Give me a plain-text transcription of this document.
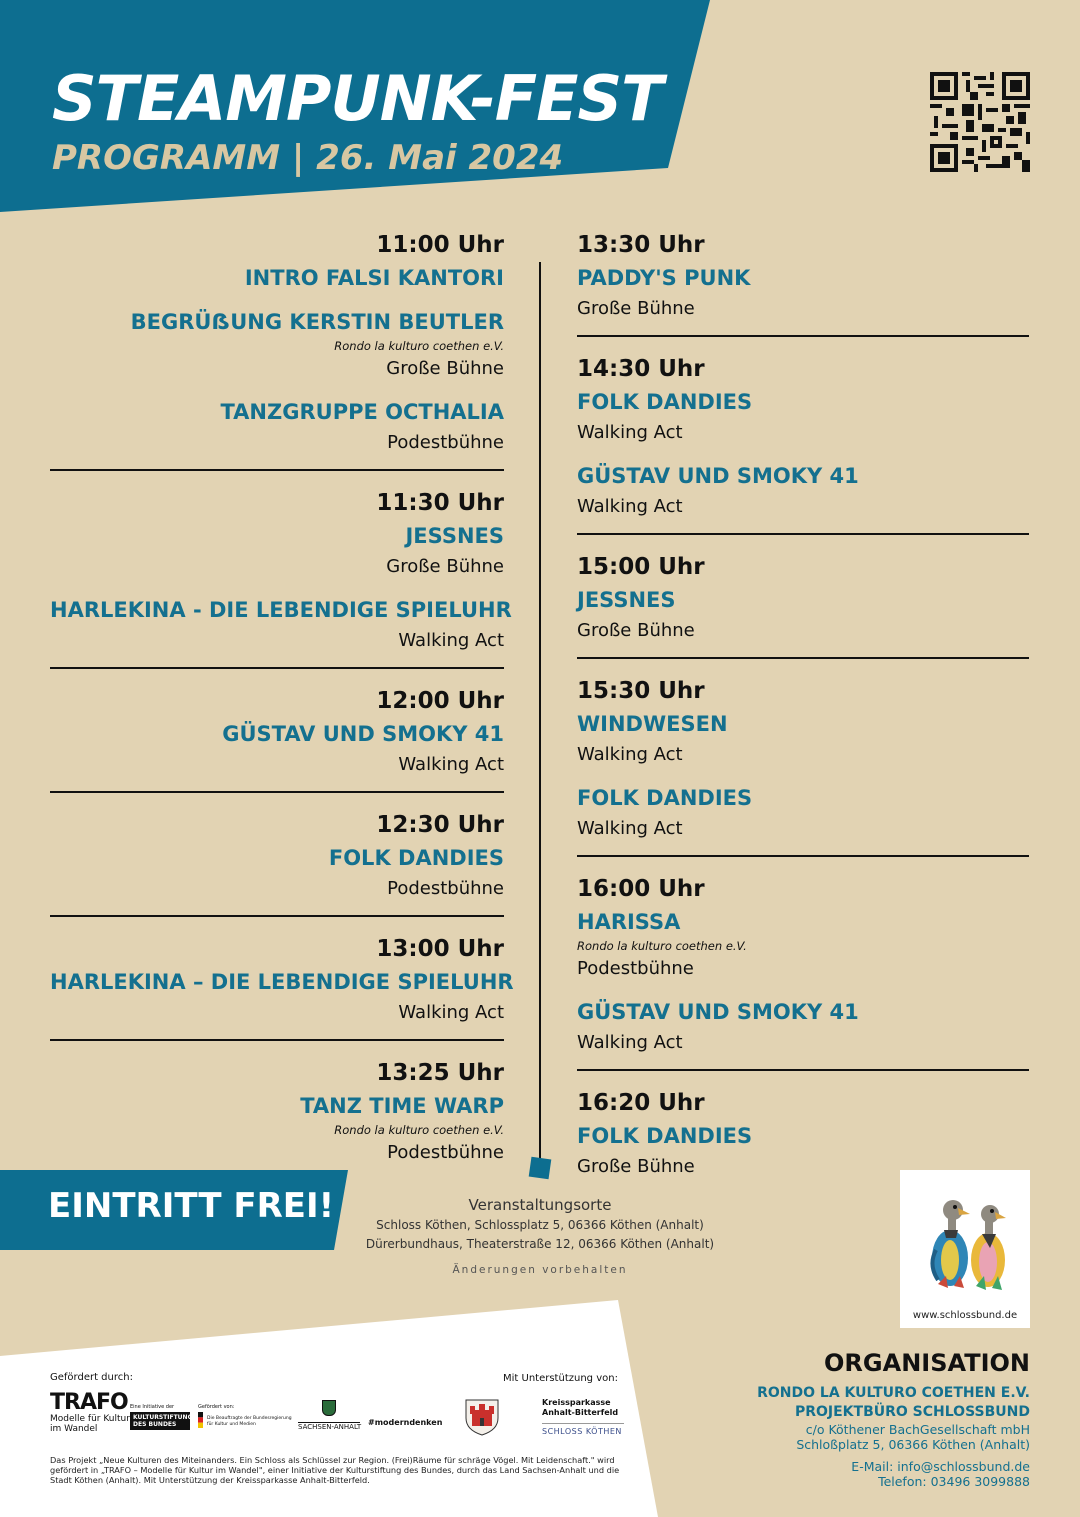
STEAMPUNK-FEST
PROGRAMM | 26. Mai 2024
11:00 Uhr
INTRO FALSI KANTORI
BEGRÜẞUNG KERSTIN BEUTLER
Rondo la kulturo coethen e.V.
Große Bühne
TANZGRUPPE OCTHALIA
Podestbühne
11:30 Uhr
JESSNES
Große Bühne
HARLEKINA - DIE LEBENDIGE SPIELUHR
Walking Act
12:00 Uhr
GÜSTAV UND SMOKY 41
Walking Act
12:30 Uhr
FOLK DANDIES
Podestbühne
13:00 Uhr
HARLEKINA – DIE LEBENDIGE SPIELUHR
Walking Act
13:25 Uhr
TANZ TIME WARP
Rondo la kulturo coethen e.V.
Podestbühne
13:30 Uhr
PADDY'S PUNK
Große Bühne
14:30 Uhr
FOLK DANDIES
Walking Act
GÜSTAV UND SMOKY 41
Walking Act
15:00 Uhr
JESSNES
Große Bühne
15:30 Uhr
WINDWESEN
Walking Act
FOLK DANDIES
Walking Act
16:00 Uhr
HARISSA
Rondo la kulturo coethen e.V.
Podestbühne
GÜSTAV UND SMOKY 41
Walking Act
16:20 Uhr
FOLK DANDIES
Große Bühne
EINTRITT FREI!	Veranstaltungsorte
Schloss Köthen, Schlossplatz 5, 06366 Köthen (Anhalt)
Dürerbundhaus, Theaterstraße 12, 06366 Köthen (Anhalt)
Änderungen vorbehalten
www.schlossbund.de
Gefördert durch:	Mit Unterstützung von:
TRAFO
Modelle für Kultur im Wandel
Eine Initiative der
KULTURSTIFTUNG DES BUNDES
Gefördert von:
Die Beauftragte der Bundesregierung für Kultur und Medien	SACHSEN-ANHALT #moderndenken
Kreissparkasse Anhalt-Bitterfeld
SCHLOSS KÖTHEN
Das Projekt „Neue Kulturen des Miteinanders. Ein Schloss als Schlüssel zur Region. (Frei)Räume für schräge Vögel. Mit Leidenschaft." wird gefördert in „TRAFO – Modelle für Kultur im Wandel", einer Initiative der Kulturstiftung des Bundes, durch das Land Sachsen-Anhalt und die Stadt Köthen (Anhalt). Mit Unterstützung der Kreissparkasse Anhalt-Bitterfeld.
ORGANISATION
RONDO LA KULTURO COETHEN E.V.
PROJEKTBÜRO SCHLOSSBUND
c/o Köthener BachGesellschaft mbH
Schloßplatz 5, 06366 Köthen (Anhalt)
E-Mail: info@schlossbund.de
Telefon: 03496 3099888
